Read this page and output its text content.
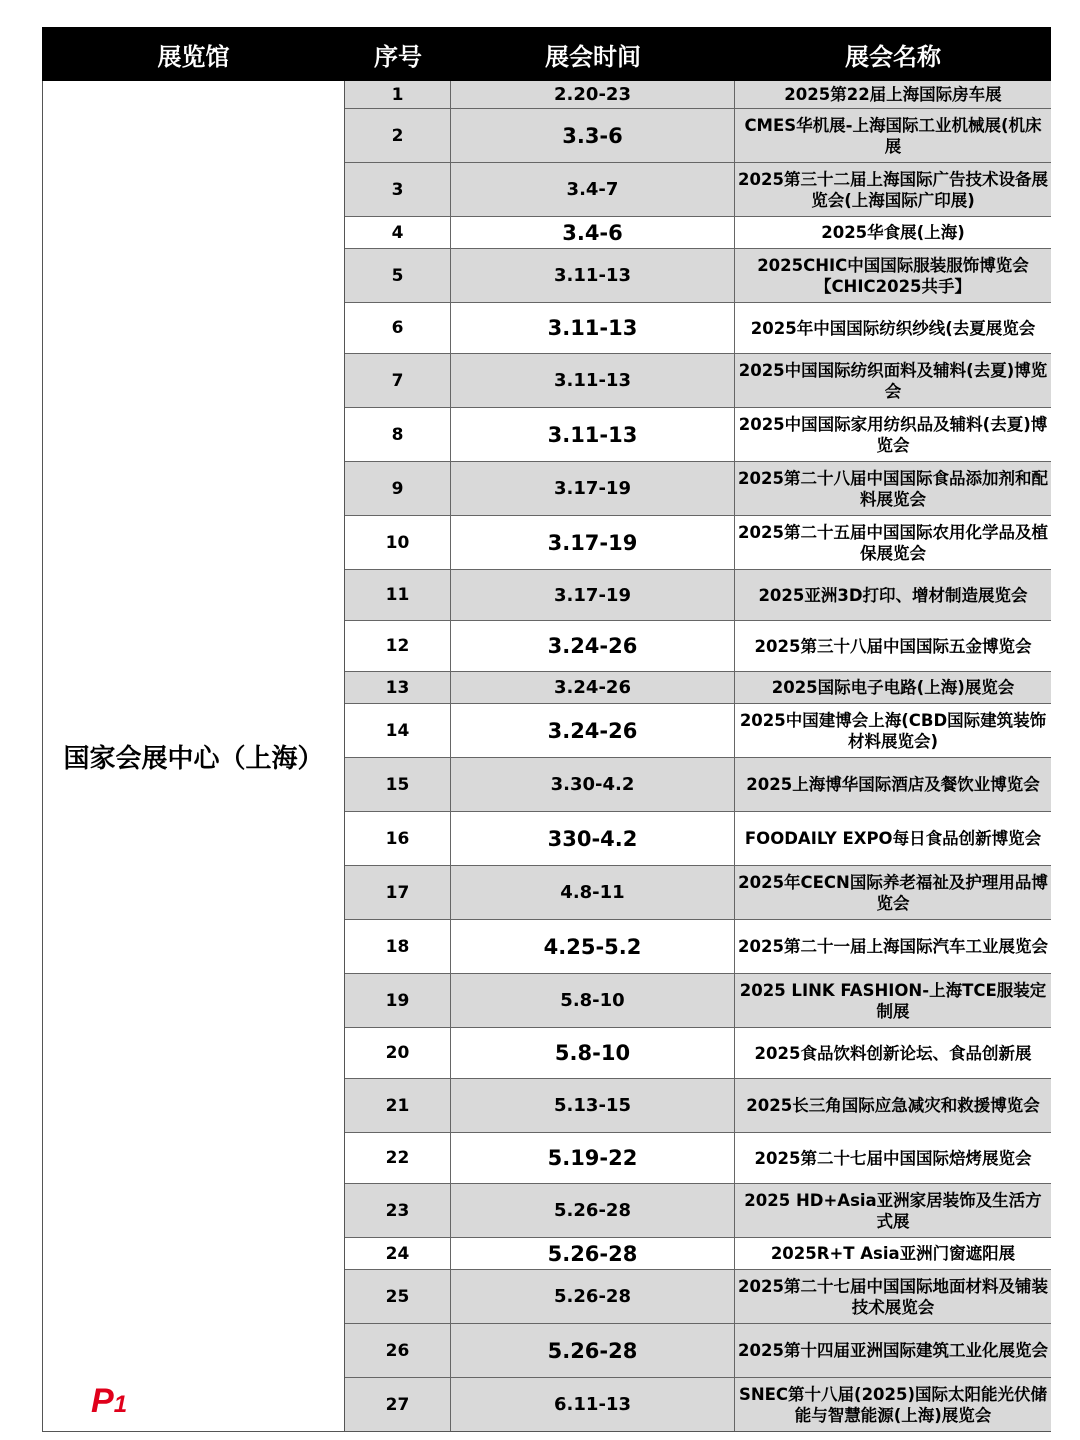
展览馆	序号	展会时间	展会名称
国家会展中心（上海）
P1
1	2.20-23	2025第22届上海国际房车展
2	3.3-6	CMES华机展-上海国际工业机械展(机床展
3	3.4-7	2025第三十二届上海国际广告技术设备展览会(上海国际广印展)
4	3.4-6	2025华食展(上海)
5	3.11-13	2025CHIC中国国际服装服饰博览会【CHIC2025共手】
6	3.11-13	2025年中国国际纺织纱线(去夏展览会
7	3.11-13	2025中国国际纺织面料及辅料(去夏)博览会
8	3.11-13	2025中国国际家用纺织品及辅料(去夏)博览会
9	3.17-19	2025第二十八届中国国际食品添加剂和配料展览会
10	3.17-19	2025第二十五届中国国际农用化学品及植保展览会
11	3.17-19	2025亚洲3D打印、增材制造展览会
12	3.24-26	2025第三十八届中国国际五金博览会
13	3.24-26	2025国际电子电路(上海)展览会
14	3.24-26	2025中国建博会上海(CBD国际建筑装饰材料展览会)
15	3.30-4.2	2025上海博华国际酒店及餐饮业博览会
16	330-4.2	FOODAILY EXPO每日食品创新博览会
17	4.8-11	2025年CECN国际养老福祉及护理用品博览会
18	4.25-5.2	2025第二十一届上海国际汽车工业展览会
19	5.8-10	2025 LINK FASHION-上海TCE服装定制展
20	5.8-10	2025食品饮料创新论坛、食品创新展
21	5.13-15	2025长三角国际应急减灾和救援博览会
22	5.19-22	2025第二十七届中国国际焙烤展览会
23	5.26-28	2025 HD+Asia亚洲家居装饰及生活方式展
24	5.26-28	2025R+T Asia亚洲门窗遮阳展
25	5.26-28	2025第二十七届中国国际地面材料及铺装技术展览会
26	5.26-28	2025第十四届亚洲国际建筑工业化展览会
27	6.11-13	SNEC第十八届(2025)国际太阳能光伏储能与智慧能源(上海)展览会
